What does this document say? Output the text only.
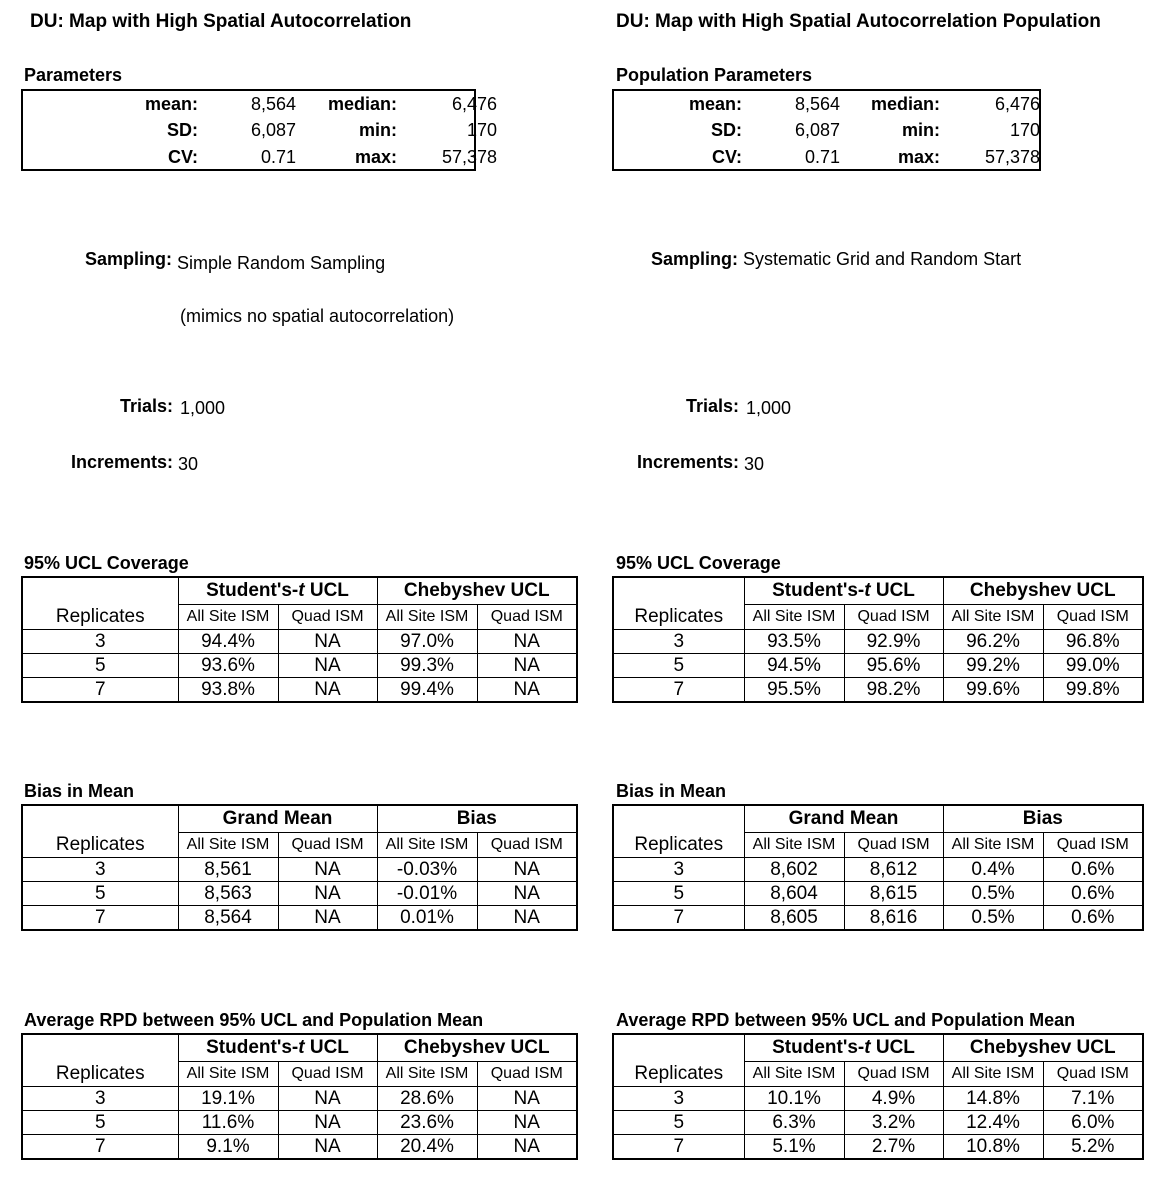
DU: Map with High Spatial Autocorrelation
Parameters
mean:	8,564	median:	6,476
SD:	6,087	min:	170
CV:	0.71	max:	57,378
Sampling: Simple Random Sampling
(mimics no spatial autocorrelation)
Trials: 1,000
Increments: 30
95% UCL Coverage
Replicates	Student's-t UCL		Chebyshev UCL	
	All Site ISM	Quad ISM	All Site ISM	Quad ISM
3	94.4%	NA	97.0%	NA
5	93.6%	NA	99.3%	NA
7	93.8%	NA	99.4%	NA
Bias in Mean
Replicates	Grand Mean		Bias	
	All Site ISM	Quad ISM	All Site ISM	Quad ISM
3	8,561	NA	-0.03%	NA
5	8,563	NA	-0.01%	NA
7	8,564	NA	0.01%	NA
Average RPD between 95% UCL and Population Mean
Replicates	Student's-t UCL		Chebyshev UCL	
	All Site ISM	Quad ISM	All Site ISM	Quad ISM
3	19.1%	NA	28.6%	NA
5	11.6%	NA	23.6%	NA
7	9.1%	NA	20.4%	NA
DU: Map with High Spatial Autocorrelation Population
Population Parameters
mean:	8,564	median:	6,476
SD:	6,087	min:	170
CV:	0.71	max:	57,378
Sampling: Systematic Grid and Random Start
Trials: 1,000
Increments: 30
95% UCL Coverage
Replicates	Student's-t UCL		Chebyshev UCL	
	All Site ISM	Quad ISM	All Site ISM	Quad ISM
3	93.5%	92.9%	96.2%	96.8%
5	94.5%	95.6%	99.2%	99.0%
7	95.5%	98.2%	99.6%	99.8%
Bias in Mean
Replicates	Grand Mean		Bias	
	All Site ISM	Quad ISM	All Site ISM	Quad ISM
3	8,602	8,612	0.4%	0.6%
5	8,604	8,615	0.5%	0.6%
7	8,605	8,616	0.5%	0.6%
Average RPD between 95% UCL and Population Mean
Replicates	Student's-t UCL		Chebyshev UCL	
	All Site ISM	Quad ISM	All Site ISM	Quad ISM
3	10.1%	4.9%	14.8%	7.1%
5	6.3%	3.2%	12.4%	6.0%
7	5.1%	2.7%	10.8%	5.2%
